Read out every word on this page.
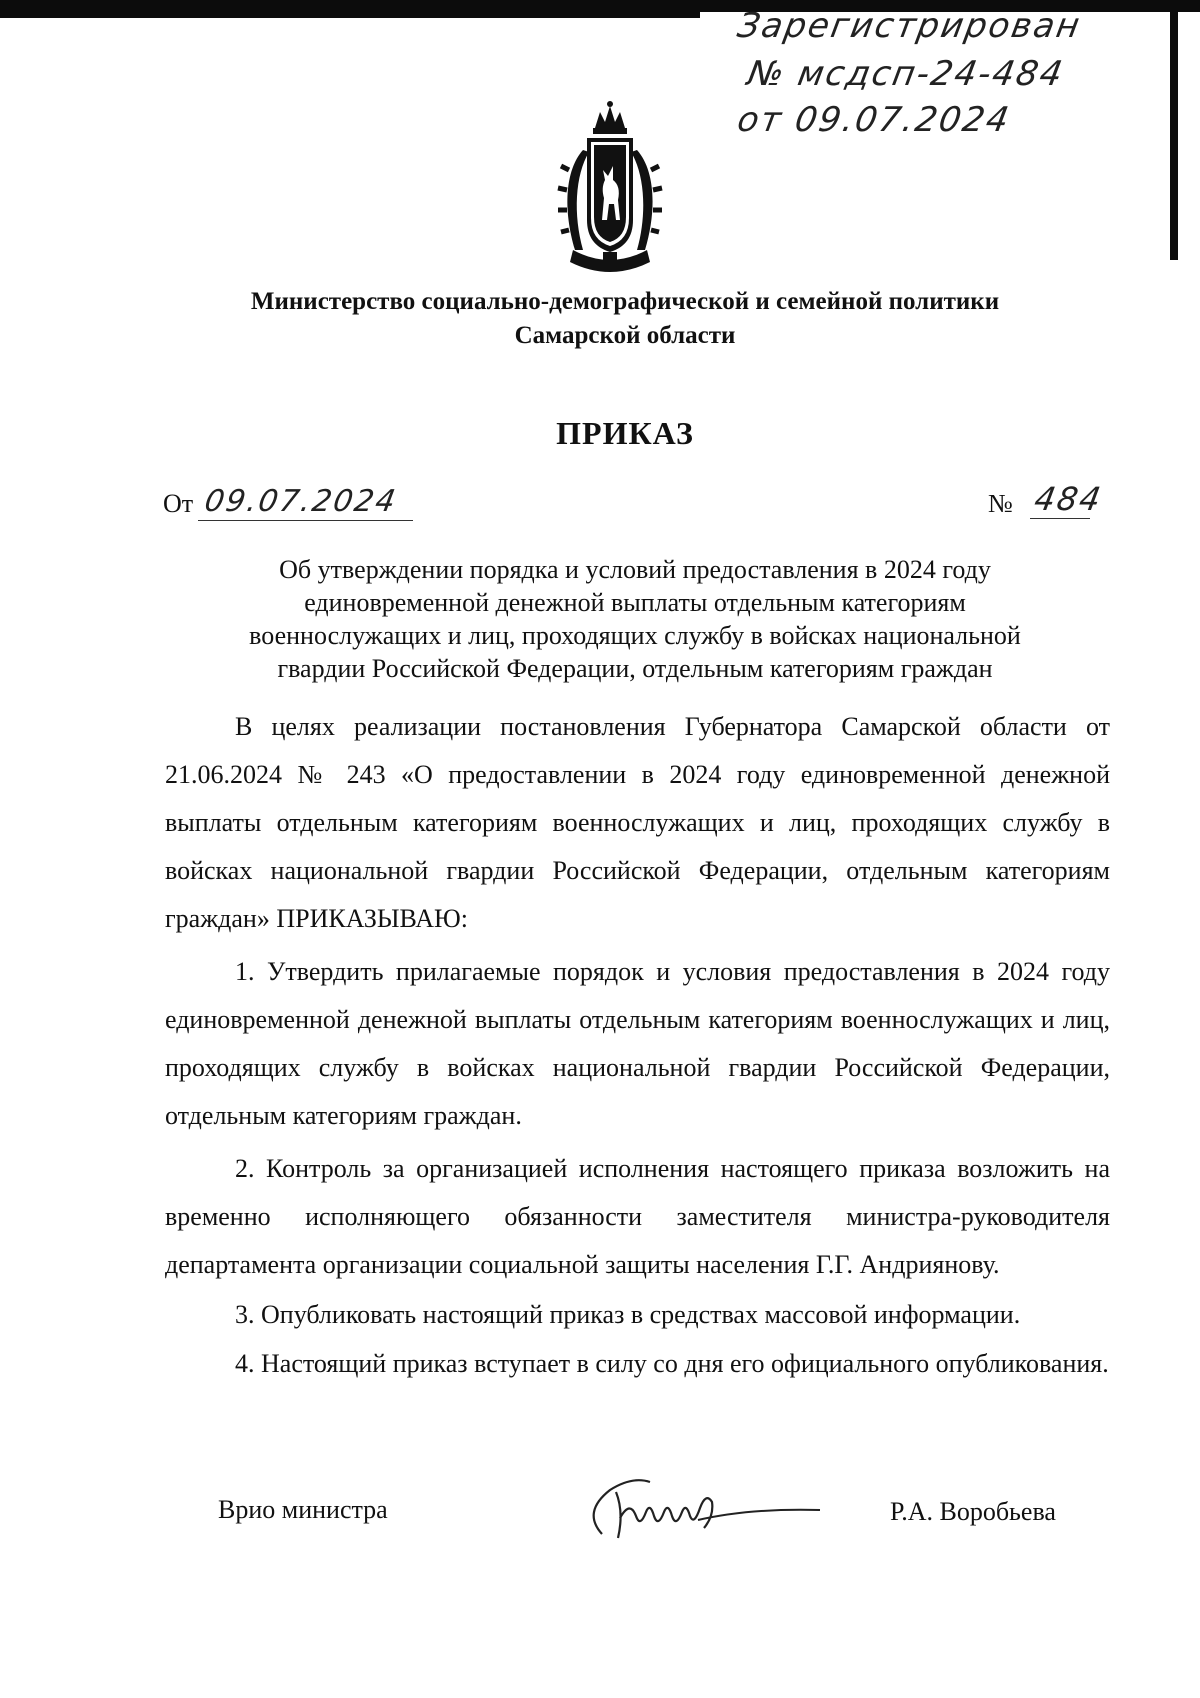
Зарегистрирован
№ мсдсп-24-484
от 09.07.2024
Министерство социально-демографической и семейной политики
Самарской области
ПРИКАЗ
От 09.07.2024	№ 484
Об утверждении порядка и условий предоставления в 2024 году единовременной денежной выплаты отдельным категориям военнослужащих и лиц, проходящих службу в войсках национальной гвардии Российской Федерации, отдельным категориям граждан
В целях реализации постановления Губернатора Самарской области от 21.06.2024 № 243 «О предоставлении в 2024 году единовременной денежной выплаты отдельным категориям военнослужащих и лиц, проходящих службу в войсках национальной гвардии Российской Федерации, отдельным категориям граждан» ПРИКАЗЫВАЮ:
1. Утвердить прилагаемые порядок и условия предоставления в 2024 году единовременной денежной выплаты отдельным категориям военнослужащих и лиц, проходящих службу в войсках национальной гвардии Российской Федерации, отдельным категориям граждан.
2. Контроль за организацией исполнения настоящего приказа возложить на временно исполняющего обязанности заместителя министра-руководителя департамента организации социальной защиты населения Г.Г. Андриянову.
3. Опубликовать настоящий приказ в средствах массовой информации.
4. Настоящий приказ вступает в силу со дня его официального опубликования.
Врио министра	Р.А. Воробьева
